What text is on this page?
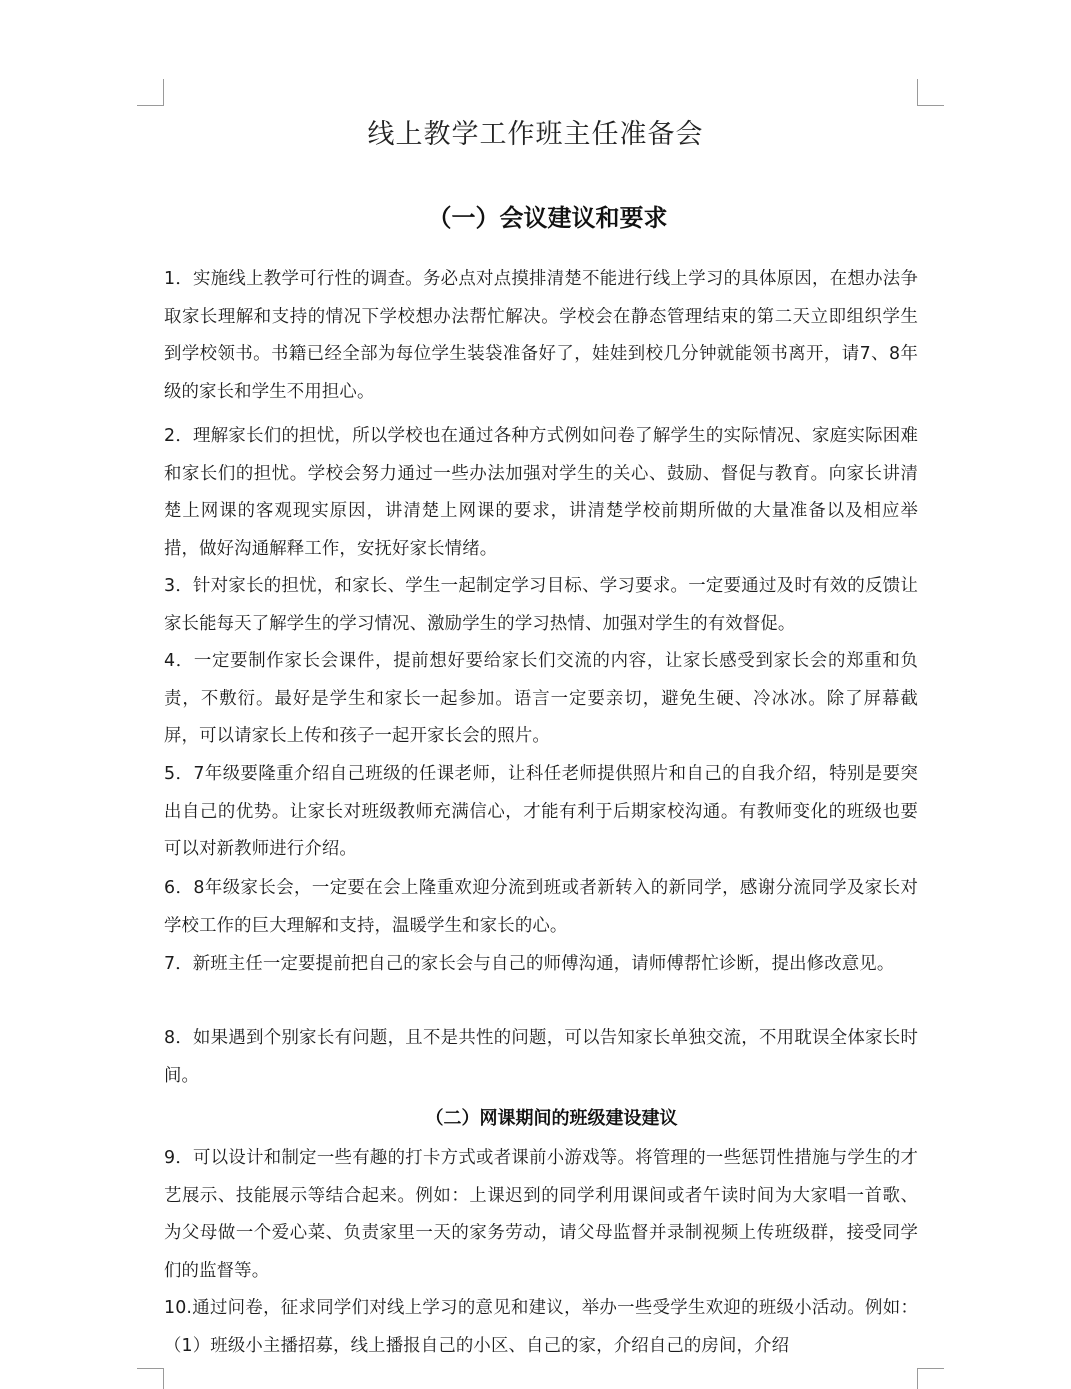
线上教学工作班主任准备会
（一）会议建议和要求

1．实施线上教学可行性的调查。务必点对点摸排清楚不能进行线上学习的具体原因，在想办法争取家长理解和支持的情况下学校想办法帮忙解决。学校会在静态管理结束的第二天立即组织学生到学校领书。书籍已经全部为每位学生装袋准备好了，娃娃到校几分钟就能领书离开，请7、8年级的家长和学生不用担心。

2．理解家长们的担忧，所以学校也在通过各种方式例如问卷了解学生的实际情况、家庭实际困难和家长们的担忧。学校会努力通过一些办法加强对学生的关心、鼓励、督促与教育。向家长讲清楚上网课的客观现实原因，讲清楚上网课的要求，讲清楚学校前期所做的大量准备以及相应举措，做好沟通解释工作，安抚好家长情绪。

3．针对家长的担忧，和家长、学生一起制定学习目标、学习要求。一定要通过及时有效的反馈让家长能每天了解学生的学习情况、激励学生的学习热情、加强对学生的有效督促。

4．一定要制作家长会课件，提前想好要给家长们交流的内容，让家长感受到家长会的郑重和负责，不敷衍。最好是学生和家长一起参加。语言一定要亲切，避免生硬、冷冰冰。除了屏幕截屏，可以请家长上传和孩子一起开家长会的照片。

5．7年级要隆重介绍自己班级的任课老师，让科任老师提供照片和自己的自我介绍，特别是要突出自己的优势。让家长对班级教师充满信心，才能有利于后期家校沟通。有教师变化的班级也要可以对新教师进行介绍。

6．8年级家长会，一定要在会上隆重欢迎分流到班或者新转入的新同学，感谢分流同学及家长对学校工作的巨大理解和支持，温暖学生和家长的心。

7．新班主任一定要提前把自己的家长会与自己的师傅沟通，请师傅帮忙诊断，提出修改意见。

8．如果遇到个别家长有问题，且不是共性的问题，可以告知家长单独交流，不用耽误全体家长时间。

（二）网课期间的班级建设建议

9．可以设计和制定一些有趣的打卡方式或者课前小游戏等。将管理的一些惩罚性措施与学生的才艺展示、技能展示等结合起来。例如：上课迟到的同学利用课间或者午读时间为大家唱一首歌、为父母做一个爱心菜、负责家里一天的家务劳动，请父母监督并录制视频上传班级群，接受同学们的监督等。

10.通过问卷，征求同学们对线上学习的意见和建议，举办一些受学生欢迎的班级小活动。例如：（1）班级小主播招募，线上播报自己的小区、自己的家，介绍自己的房间，介绍
